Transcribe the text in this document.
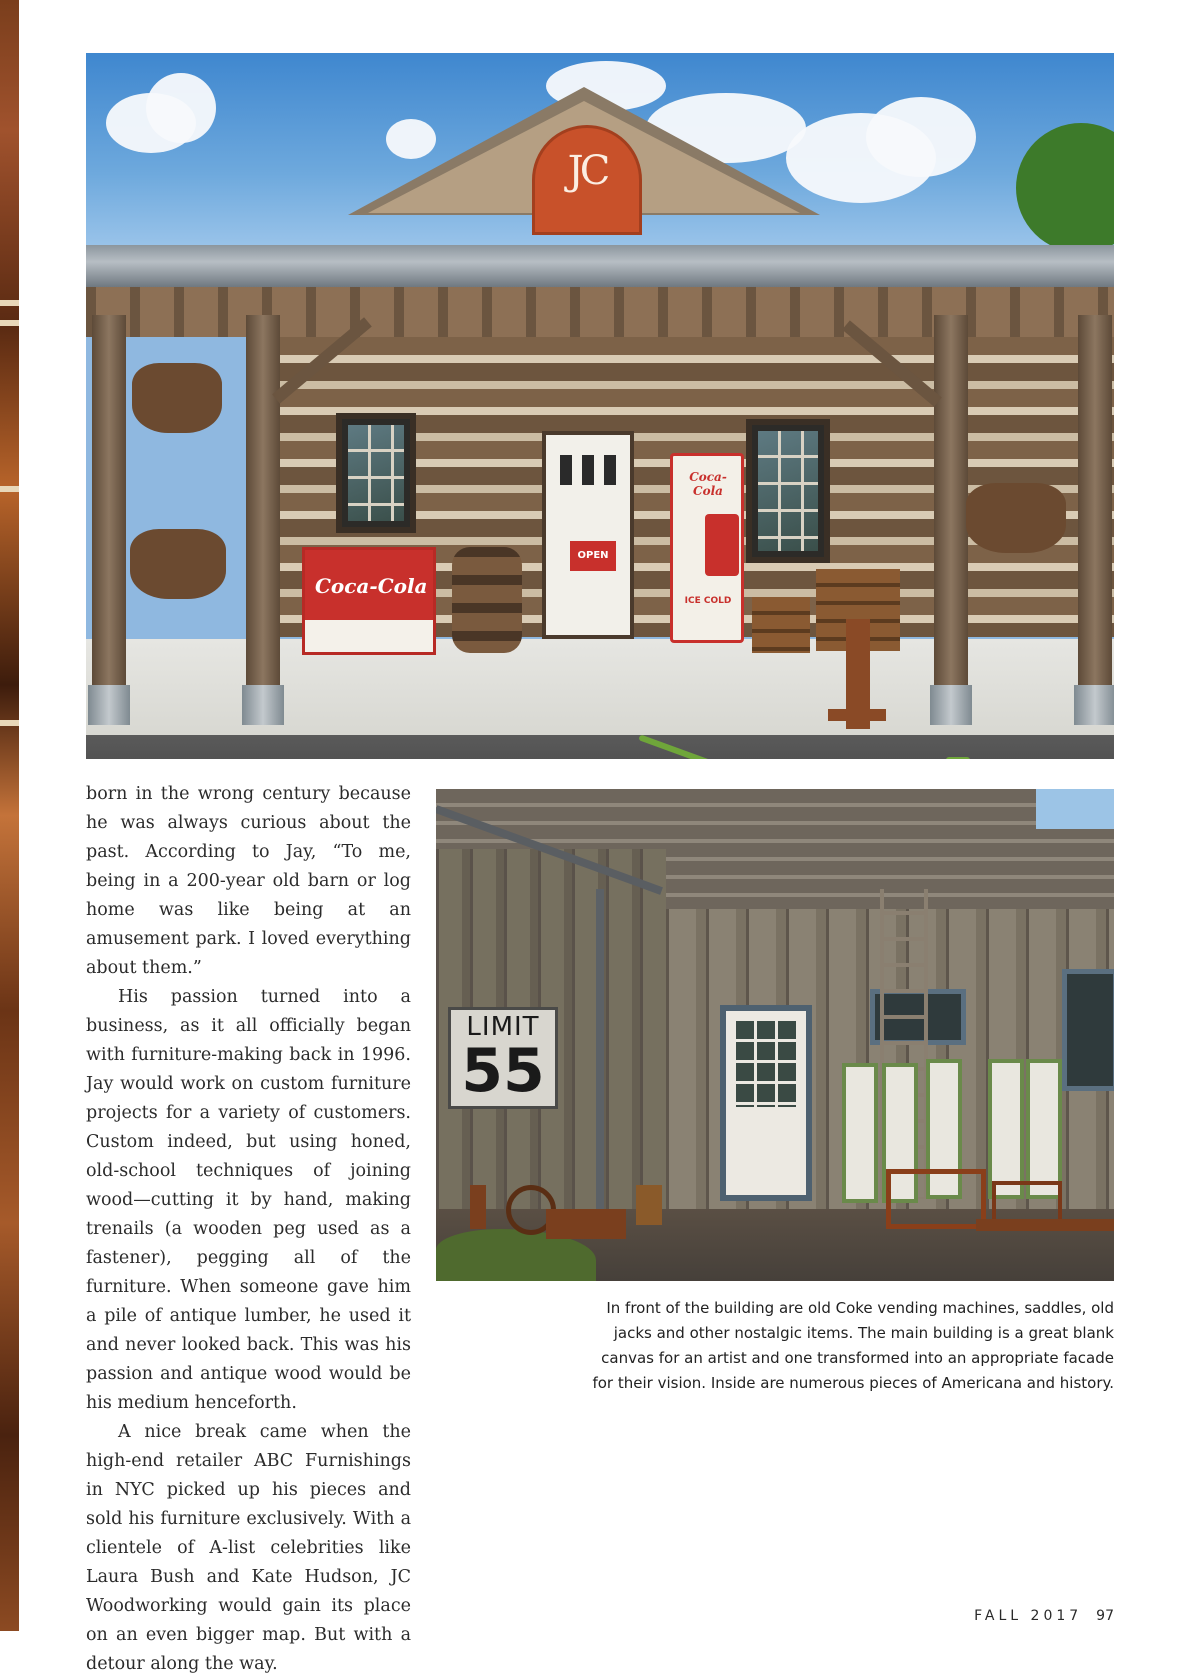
JC
OPEN
Coca-Cola
Coca-Cola
ICE COLD
LIMIT
55

born in the wrong century because he was always curious about the past. According to Jay, “To me, being in a 200-year old barn or log home was like being at an amusement park. I loved everything about them.”

His passion turned into a business, as it all officially began with furniture-making back in 1996. Jay would work on custom furniture projects for a variety of customers. Custom indeed, but using honed, old-school techniques of joining wood—cutting it by hand, making trenails (a wooden peg used as a fastener), pegging all of the furniture. When someone gave him a pile of antique lumber, he used it and never looked back. This was his passion and antique wood would be his medium henceforth.

A nice break came when the high-end retailer ABC Furnishings in NYC picked up his pieces and sold his furniture exclusively. With a clientele of A-list celebrities like Laura Bush and Kate Hudson, JC Woodworking would gain its place on an even bigger map. But with a detour along the way.

In front of the building are old Coke vending machines, saddles, old jacks and other nostalgic items. The main building is a great blank canvas for an artist and one transformed into an appropriate facade for their vision. Inside are numerous pieces of Americana and history.

FALL 2017 97
